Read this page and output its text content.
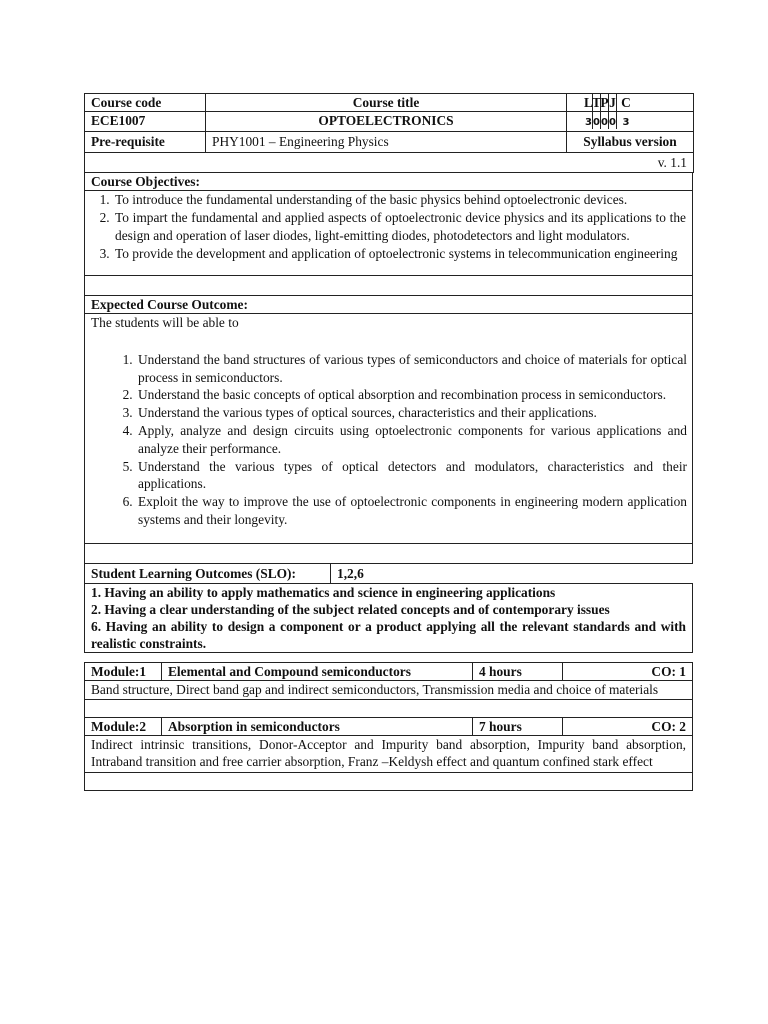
Course code	Course title	LTPJ C

ECE1007	OPTOELECTRONICS	3000 3

Pre-requisite	PHY1001 – Engineering Physics	Syllabus version
v. 1.1		
Course Objectives:

1. To introduce the fundamental understanding of the basic physics behind optoelectronic devices.
2. To impart the fundamental and applied aspects of optoelectronic device physics and its applications to the design and operation of laser diodes, light-emitting diodes, photodetectors and light modulators.
3. To provide the development and application of optoelectronic systems in telecommunication engineering

Expected Course Outcome:

The students will be able to
1. Understand the band structures of various types of semiconductors and choice of materials for optical process in semiconductors.
2. Understand the basic concepts of optical absorption and recombination process in semiconductors.
3. Understand the various types of optical sources, characteristics and their applications.
4. Apply, analyze and design circuits using optoelectronic components for various applications and analyze their performance.
5. Understand the various types of optical detectors and modulators, characteristics and their applications.
6. Exploit the way to improve the use of optoelectronic components in engineering modern application systems and their longevity.

Student Learning Outcomes (SLO):	1,2,6

1. Having an ability to apply mathematics and science in engineering applications
2. Having a clear understanding of the subject related concepts and of contemporary issues
6. Having an ability to design a component or a product applying all the relevant standards and with realistic constraints.
Module:1	Elemental and Compound semiconductors	4 hours	CO: 1
Band structure, Direct band gap and indirect semiconductors, Transmission media and choice of materials

Module:2	Absorption in semiconductors	7 hours	CO: 2
Indirect intrinsic transitions, Donor-Acceptor and Impurity band absorption, Impurity band absorption, Intraband transition and free carrier absorption, Franz –Keldysh effect and quantum confined stark effect
